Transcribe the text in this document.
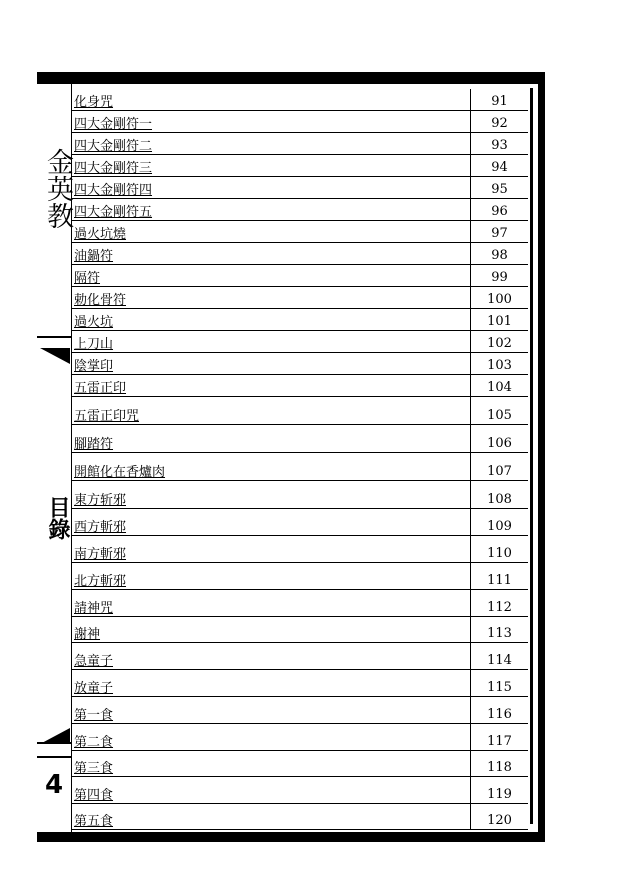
金英教
目錄
4
化身咒	91
四大金剛符一	92
四大金剛符二	93
四大金剛符三	94
四大金剛符四	95
四大金剛符五	96
過火坑燒	97
油鍋符	98
隔符	99
勅化骨符	100
過火坑	101
上刀山	102
陰掌印	103
五雷正印	104
五雷正印咒	105
腳踏符	106
開館化在香爐肉	107
東方斩邪	108
西方斬邪	109
南方斬邪	110
北方斬邪	111
請神咒	112
謝神	113
急童子	114
放童子	115
第一食	116
第二食	117
第三食	118
第四食	119
第五食	120
